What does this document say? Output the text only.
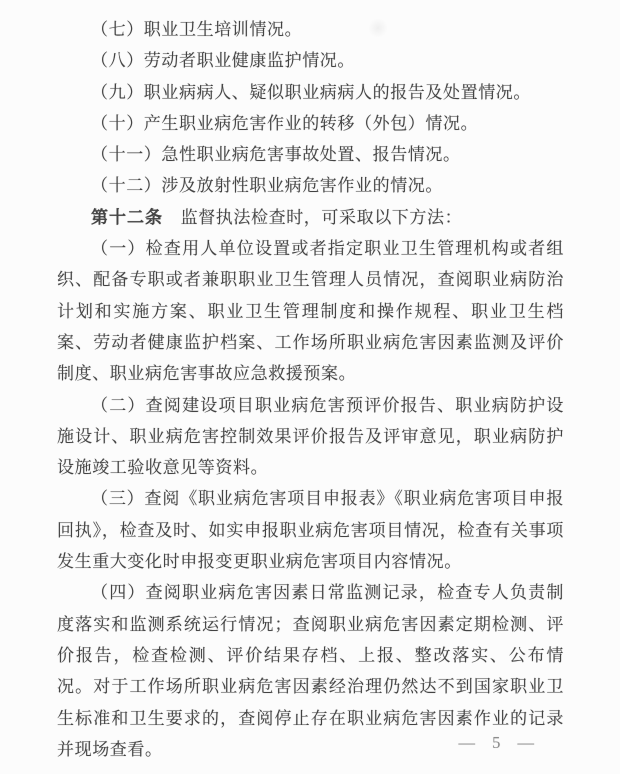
（七）职业卫生培训情况。

（八）劳动者职业健康监护情况。

（九）职业病病人、疑似职业病病人的报告及处置情况。

（十）产生职业病危害作业的转移（外包）情况。

（十一）急性职业病危害事故处置、报告情况。

（十二）涉及放射性职业病危害作业的情况。

第十二条　监督执法检查时，可采取以下方法：

（一）检查用人单位设置或者指定职业卫生管理机构或者组织、配备专职或者兼职职业卫生管理人员情况，查阅职业病防治计划和实施方案、职业卫生管理制度和操作规程、职业卫生档案、劳动者健康监护档案、工作场所职业病危害因素监测及评价制度、职业病危害事故应急救援预案。

（二）查阅建设项目职业病危害预评价报告、职业病防护设施设计、职业病危害控制效果评价报告及评审意见，职业病防护设施竣工验收意见等资料。

（三）查阅《职业病危害项目申报表》《职业病危害项目申报回执》，检查及时、如实申报职业病危害项目情况，检查有关事项发生重大变化时申报变更职业病危害项目内容情况。

（四）查阅职业病危害因素日常监测记录，检查专人负责制度落实和监测系统运行情况；查阅职业病危害因素定期检测、评价报告，检查检测、评价结果存档、上报、整改落实、公布情况。对于工作场所职业病危害因素经治理仍然达不到国家职业卫生标准和卫生要求的，查阅停止存在职业病危害因素作业的记录并现场查看。	— 5 —
